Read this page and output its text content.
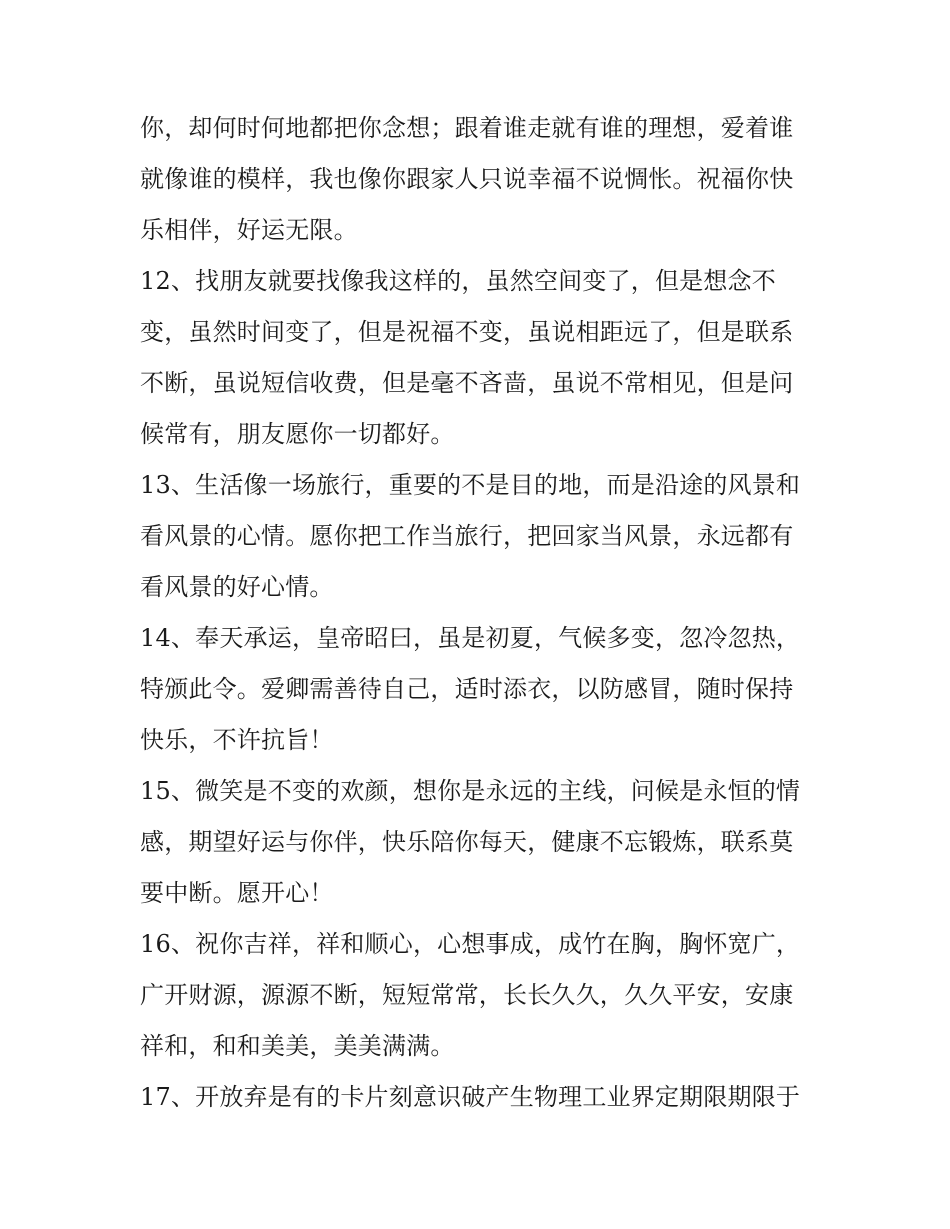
你，却何时何地都把你念想；跟着谁走就有谁的理想，爱着谁
就像谁的模样，我也像你跟家人只说幸福不说惆怅。祝福你快
乐相伴，好运无限。
12、找朋友就要找像我这样的，虽然空间变了，但是想念不
变，虽然时间变了，但是祝福不变，虽说相距远了，但是联系
不断，虽说短信收费，但是毫不吝啬，虽说不常相见，但是问
候常有，朋友愿你一切都好。
13、生活像一场旅行，重要的不是目的地，而是沿途的风景和
看风景的心情。愿你把工作当旅行，把回家当风景，永远都有
看风景的好心情。
14、奉天承运，皇帝昭曰，虽是初夏，气候多变，忽冷忽热，
特颁此令。爱卿需善待自己，适时添衣，以防感冒，随时保持
快乐，不许抗旨！
15、微笑是不变的欢颜，想你是永远的主线，问候是永恒的情
感，期望好运与你伴，快乐陪你每天，健康不忘锻炼，联系莫
要中断。愿开心！
16、祝你吉祥，祥和顺心，心想事成，成竹在胸，胸怀宽广，
广开财源，源源不断，短短常常，长长久久，久久平安，安康
祥和，和和美美，美美满满。
17、开放弃是有的卡片刻意识破产生物理工业界定期限期限于
